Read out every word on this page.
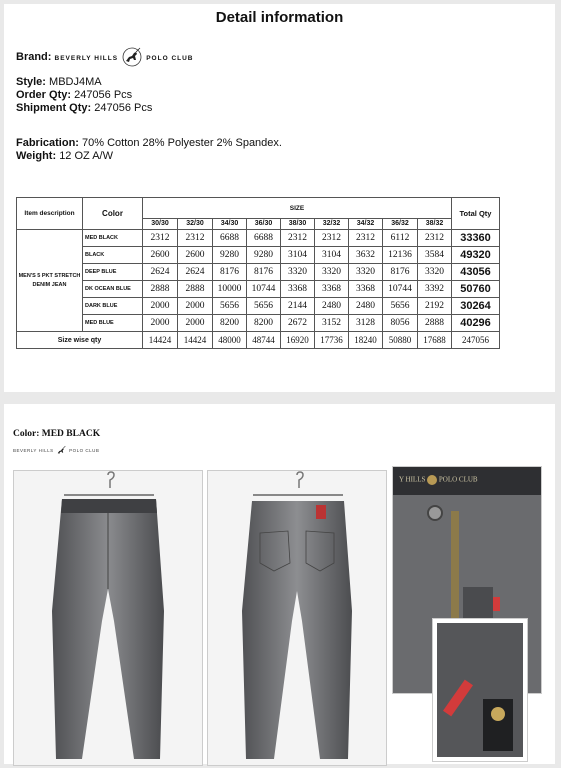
Detail information
Brand: BEVERLY HILLS	POLO CLUB
Style: MBDJ4MA
Order Qty: 247056 Pcs
Shipment Qty: 247056 Pcs
Fabrication: 70% Cotton 28% Polyester 2% Spandex.
Weight: 12 OZ A/W
Item description	Color	SIZE									Total Qty
		30/30	32/30	34/30	36/30	38/30	32/32	34/32	36/32	38/32	
MEN'S 5 PKT STRETCH DENIM JEAN	MED BLACK	2312	2312	6688	6688	2312	2312	2312	6112	2312	33360
	BLACK	2600	2600	9280	9280	3104	3104	3632	12136	3584	49320
	DEEP BLUE	2624	2624	8176	8176	3320	3320	3320	8176	3320	43056
	DK OCEAN BLUE	2888	2888	10000	10744	3368	3368	3368	10744	3392	50760
	DARK BLUE	2000	2000	5656	5656	2144	2480	2480	5656	2192	30264
	MED BLUE	2000	2000	8200	8200	2672	3152	3128	8056	2888	40296
Size wise qty		14424	14424	48000	48744	16920	17736	18240	50880	17688	247056
Color: MED BLACK
BEVERLY HILLS	POLO CLUB
Y HILLS POLO CLUB
